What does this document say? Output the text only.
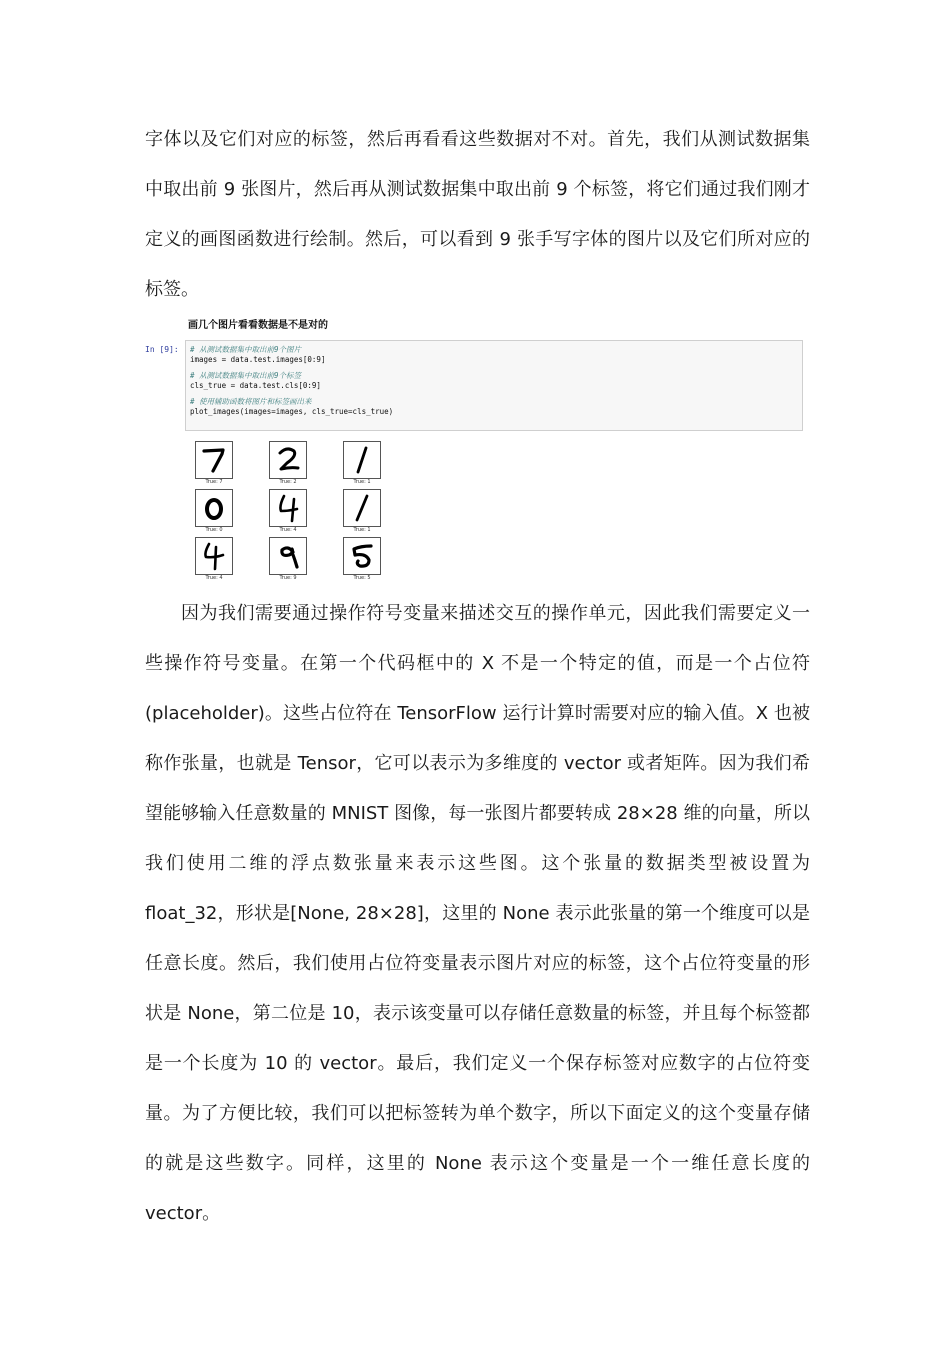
字体以及它们对应的标签，然后再看看这些数据对不对。首先，我们从测试数据集中取出前 9 张图片，然后再从测试数据集中取出前 9 个标签，将它们通过我们刚才定义的画图函数进行绘制。然后，可以看到 9 张手写字体的图片以及它们所对应的标签。

画几个图片看看数据是不是对的
In [9]: # 从测试数据集中取出前9个图片
images = data.test.images[0:9]
# 从测试数据集中取出前9个标签
cls_true = data.test.cls[0:9]
# 使用辅助函数将图片和标签画出来
plot_images(images=images, cls_true=cls_true)
True: 7	True: 2	True: 1
True: 0	True: 4	True: 1
True: 4	True: 9	True: 5

因为我们需要通过操作符号变量来描述交互的操作单元，因此我们需要定义一些操作符号变量。在第一个代码框中的 X 不是一个特定的值，而是一个占位符 (placeholder)。这些占位符在 TensorFlow 运行计算时需要对应的输入值。X 也被称作张量，也就是 Tensor，它可以表示为多维度的 vector 或者矩阵。因为我们希望能够输入任意数量的 MNIST 图像，每一张图片都要转成 28×28 维的向量，所以我们使用二维的浮点数张量来表示这些图。这个张量的数据类型被设置为 float_32，形状是[None, 28×28]，这里的 None 表示此张量的第一个维度可以是任意长度。然后，我们使用占位符变量表示图片对应的标签，这个占位符变量的形状是 None，第二位是 10，表示该变量可以存储任意数量的标签，并且每个标签都是一个长度为 10 的 vector。最后，我们定义一个保存标签对应数字的占位符变量。为了方便比较，我们可以把标签转为单个数字，所以下面定义的这个变量存储的就是这些数字。同样，这里的 None 表示这个变量是一个一维任意长度的 vector。
